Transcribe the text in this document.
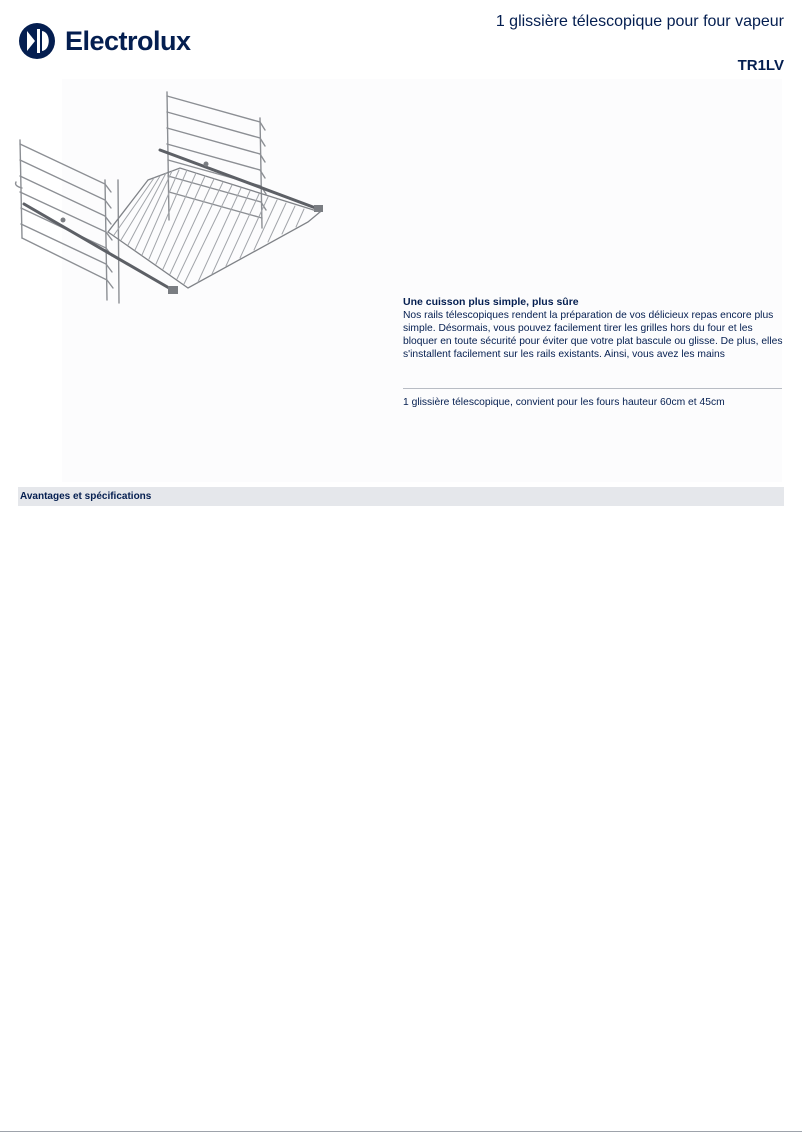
Electrolux
1 glissière télescopique pour four vapeur
TR1LV

Une cuisson plus simple, plus sûre

Nos rails télescopiques rendent la préparation de vos délicieux repas encore plus simple. Désormais, vous pouvez facilement tirer les grilles hors du four et les bloquer en toute sécurité pour éviter que votre plat bascule ou glisse. De plus, elles s'installent facilement sur les rails existants. Ainsi, vous avez les mains

1 glissière télescopique, convient pour les fours hauteur 60cm et 45cm
Avantages et spécifications
